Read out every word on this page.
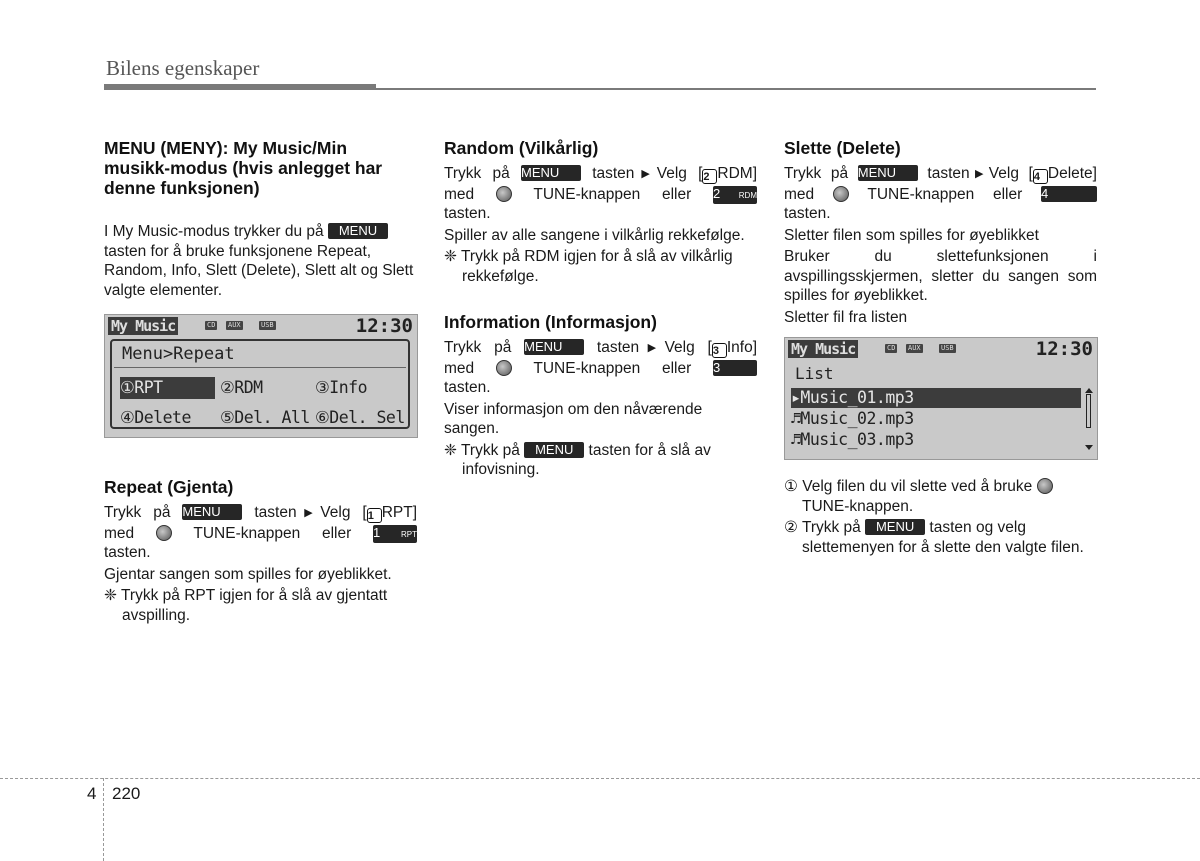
Bilens egenskaper
MENU (MENY): My Music/Min musikk-modus (hvis anlegget har denne funksjonen)

I My Music-modus trykker du på MENU tasten for å bruke funksjonene Repeat, Random, Info, Slett (Delete), Slett alt og Slett valgte elementer.

My Music	CD AUX	USB	12:30
Menu>Repeat
①RPT	②RDM	③Info
④Delete ⑤Del. All ⑥Del. Sel
Repeat (Gjenta)

Trykk på MENU tasten▶Velg [1 RPT]

med	TUNE-knappen eller 1	RPT

tasten.

Gjentar sangen som spilles for øyeblikket.

❈ Trykk på RPT igjen for å slå av gjentatt avspilling.

Random (Vilkårlig)

Trykk på MENU tasten▶Velg [2 RDM]

med	TUNE-knappen eller 2 RDM

tasten.

Spiller av alle sangene i vilkårlig rekkefølge.

❈ Trykk på RDM igjen for å slå av vilkårlig rekkefølge.

Information (Informasjon)

Trykk på MENU tasten▶Velg [3 Info]

med	TUNE-knappen eller 3

tasten.

Viser informasjon om den nåværende sangen.

❈ Trykk på MENU tasten for å slå av infovisning.

Slette (Delete)

Trykk på MENU tasten▶Velg [4 Delete]

med	TUNE-knappen eller 4

tasten.

Sletter filen som spilles for øyeblikket

Bruker du slettefunksjonen i avspillingsskjermen, sletter du sangen som spilles for øyeblikket.

Sletter fil fra listen

My Music	CD AUX	USB	12:30
List
▸Music_01.mp3
♬Music_02.mp3
♬Music_03.mp3

① Velg filen du vil slette ved å bruke  TUNE-knappen.

② Trykk på MENU tasten og velg slettemenyen for å slette den valgte filen.

4 220
